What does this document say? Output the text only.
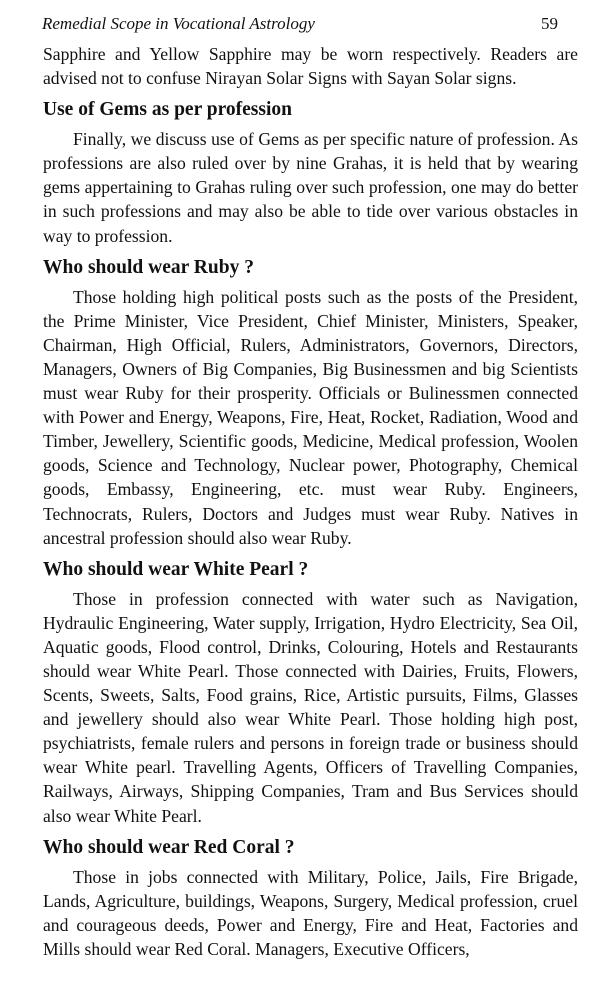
Remedial Scope in Vocational Astrology	59

Sapphire and Yellow Sapphire may be worn respectively. Readers are advised not to confuse Nirayan Solar Signs with Sayan Solar signs.

Use of Gems as per profession

Finally, we discuss use of Gems as per specific nature of profession. As professions are also ruled over by nine Grahas, it is held that by wearing gems appertaining to Grahas ruling over such profession, one may do better in such professions and may also be able to tide over various obstacles in way to profession.

Who should wear Ruby ?

Those holding high political posts such as the posts of the President, the Prime Minister, Vice President, Chief Minister, Ministers, Speaker, Chairman, High Official, Rulers, Administrators, Governors, Directors, Managers, Owners of Big Companies, Big Businessmen and big Scientists must wear Ruby for their prosperity. Officials or Bulinessmen connected with Power and Energy, Weapons, Fire, Heat, Rocket, Radiation, Wood and Timber, Jewellery, Scientific goods, Medicine, Medical profession, Woolen goods, Science and Technology, Nuclear power, Photography, Chemical goods, Embassy, Engineering, etc. must wear Ruby. Engineers, Technocrats, Rulers, Doctors and Judges must wear Ruby. Natives in ancestral profession should also wear Ruby.

Who should wear White Pearl ?

Those in profession connected with water such as Navigation, Hydraulic Engineering, Water supply, Irrigation, Hydro Electricity, Sea Oil, Aquatic goods, Flood control, Drinks, Colouring, Hotels and Restaurants should wear White Pearl. Those connected with Dairies, Fruits, Flowers, Scents, Sweets, Salts, Food grains, Rice, Artistic pursuits, Films, Glasses and jewellery should also wear White Pearl. Those holding high post, psychiatrists, female rulers and persons in foreign trade or business should wear White pearl. Travelling Agents, Officers of Travelling Companies, Railways, Airways, Shipping Companies, Tram and Bus Services should also wear White Pearl.

Who should wear Red Coral ?

Those in jobs connected with Military, Police, Jails, Fire Brigade, Lands, Agriculture, buildings, Weapons, Surgery, Medical profession, cruel and courageous deeds, Power and Energy, Fire and Heat, Factories and Mills should wear Red Coral. Managers, Executive Officers,
